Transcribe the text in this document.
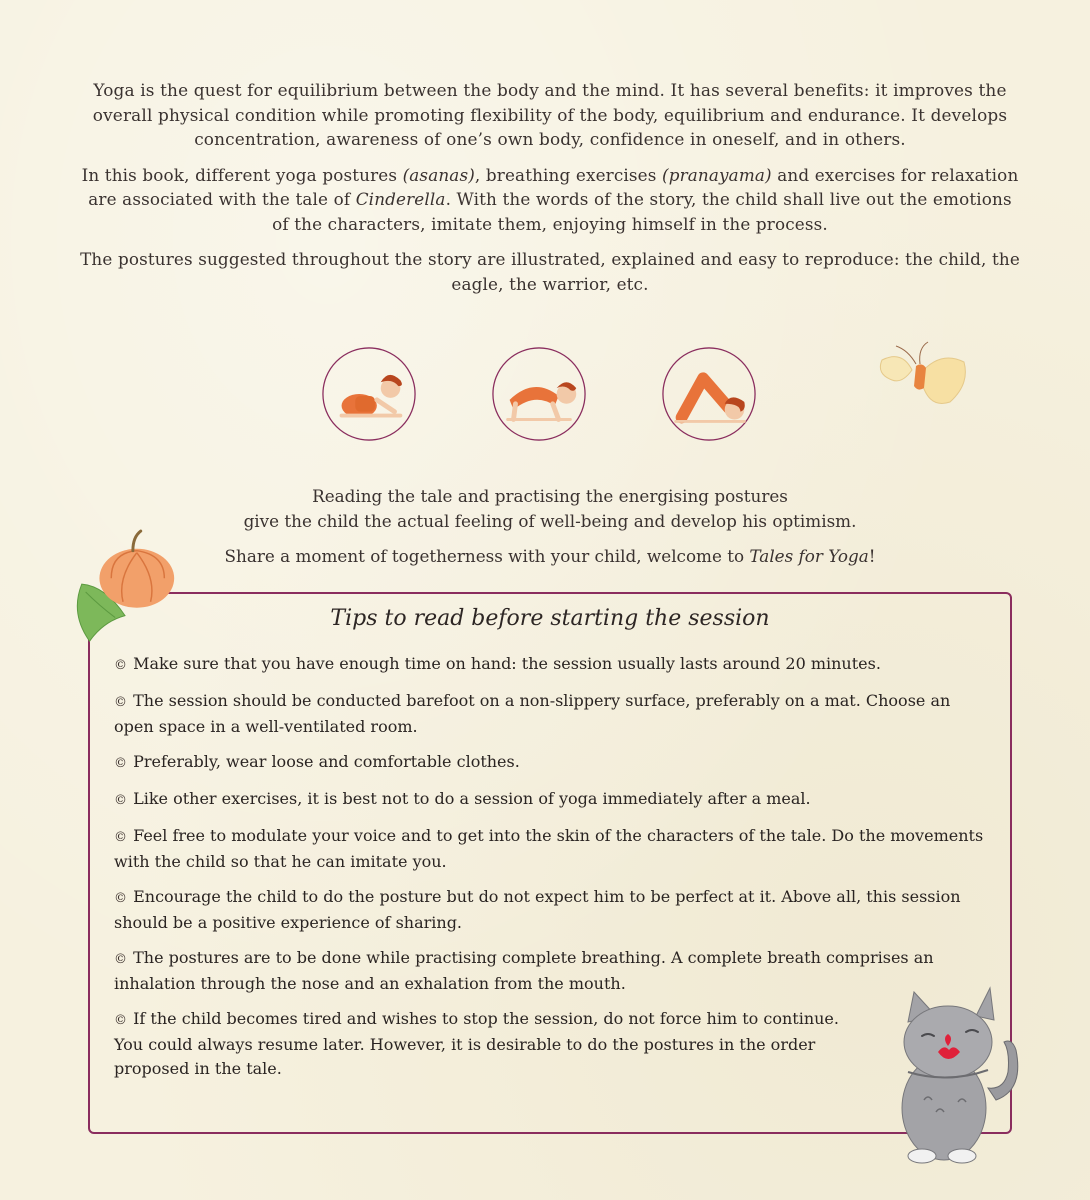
Yoga is the quest for equilibrium between the body and the mind. It has several benefits: it improves the overall physical condition while promoting flexibility of the body, equilibrium and endurance. It develops concentration, awareness of one’s own body, confidence in oneself, and in others.

In this book, different yoga postures (asanas), breathing exercises (pranayama) and exercises for relaxation are associated with the tale of Cinderella. With the words of the story, the child shall live out the emotions of the characters, imitate them, enjoying himself in the process.

The postures suggested throughout the story are illustrated, explained and easy to reproduce: the child, the eagle, the warrior, etc.

Reading the tale and practising the energising postures
give the child the actual feeling of well-being and develop his optimism.

Share a moment of togetherness with your child, welcome to Tales for Yoga!

Tips to read before starting the session
© Make sure that you have enough time on hand: the session usually lasts around 20 minutes.
© The session should be conducted barefoot on a non-slippery surface, preferably on a mat. Choose an open space in a well-ventilated room.
© Preferably, wear loose and comfortable clothes.
© Like other exercises, it is best not to do a session of yoga immediately after a meal.
© Feel free to modulate your voice and to get into the skin of the characters of the tale. Do the movements with the child so that he can imitate you.
© Encourage the child to do the posture but do not expect him to be perfect at it. Above all, this session should be a positive experience of sharing.
© The postures are to be done while practising complete breathing. A complete breath comprises an inhalation through the nose and an exhalation from the mouth.
© If the child becomes tired and wishes to stop the session, do not force him to continue. You could always resume later. However, it is desirable to do the postures in the order proposed in the tale.
